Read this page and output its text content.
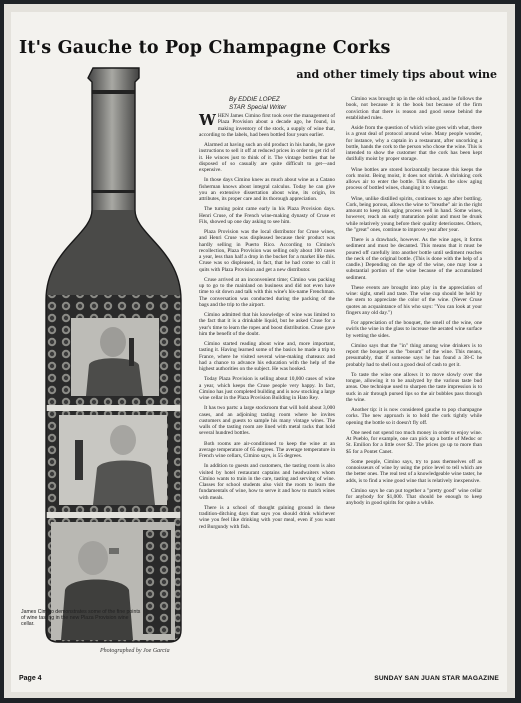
It's Gauche to Pop Champagne Corks
and other timely tips about wine
By EDDIE LOPEZ
STAR Special Writer
James Cimino demonstrates some of the fine points of wine tasting in the new Plaza Provision wine cellar.
Photographed by Joe Garcia

WHEN James Cimino first took over the management of Plaza Provision about a decade ago, he found, in making inventory of the stock, a supply of wine that, according to the labels, had been bottled four years earlier.

Alarmed at having such an old product in his hands, he gave instructions to sell it off at reduced prices in order to get rid of it. He winces just to think of it. The vintage bottles that he disposed of so casually are quite difficult to get—and expensive.

In those days Cimino knew as much about wine as a Catano fisherman knows about integral calculus. Today he can give you an extensive dissertation about wine, its origin, its attributes, its proper care and its thorough appreciation.

The turning point came early in his Plaza Provision days. Henri Cruse, of the French wine-making dynasty of Cruse et Fils, showed up one day asking to see him.

Plaza Provision was the local distributor for Cruse wines, and Henri Cruse was displeased because their product was hardly selling in Puerto Rico. According to Cimino's recollection, Plaza Provision was selling only about 100 cases a year, less than half a drop in the bucket for a market like this. Cruse was so displeased, in fact, that he had come to call it quits with Plaza Provision and get a new distributor.

Cruse arrived at an inconvenient time; Cimino was packing up to go to the mainland on business and did not even have time to sit down and talk with this wine's his-name Frenchman. The conversation was conducted during the packing of the bags and the trip to the airport.

Cimino admitted that his knowledge of wine was limited to the fact that it is a drinkable liquid, but he asked Cruse for a year's time to learn the ropes and boost distribution. Cruse gave him the benefit of the doubt.

Cimino started reading about wine and, more important, tasting it. Having learned some of the basics he made a trip to France, where he visited several wine-making chateaux and had a chance to advance his education with the help of the highest authorities on the subject. He was hooked.

Today Plaza Provision is selling about 10,000 cases of wine a year, which keeps the Cruse people very happy. In fact, Cimino has just completed building and is now stocking a large wine cellar in the Plaza Provision Building in Hato Rey.

It has two parts: a large stockroom that will hold about 3,000 cases, and an adjoining tasting room where he invites customers and guests to sample his many vintage wines. The walls of the tasting room are lined with metal racks that hold several hundred bottles.

Both rooms are air-conditioned to keep the wine at an average temperature of 65 degrees. The average temperature in French wine cellars, Cimino says, is 55 degrees.

In addition to guests and customers, the tasting room is also visited by hotel restaurant captains and headwaiters whom Cimino wants to train in the care, tasting and serving of wine. Classes for school students also visit the room to learn the fundamentals of wine, how to serve it and how to match wines with meals.

There is a school of thought gaining ground in these tradition-ditching days that says you should drink whichever wine you feel like drinking with your meal, even if you want red Burgundy with fish.

Cimino was brought up in the old school, and he follows the book, not because it is the book but because of the firm conviction that there is reason and good sense behind the established rules.

Aside from the question of which wine goes with what, there is a great deal of protocol around wine. Many people wonder, for instance, why a captain in a restaurant, after uncorking a bottle, hands the cork to the person who chose the wine. This is intended to show the customer that the cork has been kept dutifully moist by proper storage.

Wine bottles are stored horizontally because this keeps the cork moist. Being moist, it does not shrink. A shrinking cork allows air to enter the bottle. This disturbs the slow aging process of bottled wines, changing it to vinegar.

Wine, unlike distilled spirits, continues to age after bottling. Cork, being porous, allows the wine to "breathe" air in the right amount to keep this aging process well in hand. Some wines, however, reach an early maturation point and must be drunk while relatively young before their quality deteriorates. Others, the "great" ones, continue to improve year after year.

There is a drawback, however. As the wine ages, it forms sediment and must be decanted. This means that it must be poured off carefully into another bottle until sediment reaches the neck of the original bottle. (This is done with the help of a candle.) Depending on the age of the wine, one may lose a substantial portion of the wine because of the accumulated sediment.

These events are brought into play in the appreciation of wine: sight, smell and taste. The wine cup should be held by the stem to appreciate the color of the wine. (Never Cruse quotes an acquaintance of his who says: "You can look at your fingers any old day.")

For appreciation of the bouquet, the smell of the wine, one swirls the wine in the glass to increase the aerated wine surface by wetting the sides.

Cimino says that the "in" thing among wine drinkers is to report the bouquet as the "bosum" of the wine. This means, presumably, that if someone says he has found a 38-C he probably had to shell out a good deal of cash to get it.

To taste the wine one allows it to move slowly over the tongue, allowing it to be analyzed by the various taste bud areas. One technique used to sharpen the taste impression is to suck in air through pursed lips so the air bubbles pass through the wine.

Another tip: it is now considered gauche to pop champagne corks. The new approach is to hold the cork tightly while opening the bottle so it doesn't fly off.

One need not spend too much money in order to enjoy wine. At Pueblo, for example, one can pick up a bottle of Medoc or St. Emilion for a little over $2. The prices go up to more than $5 for a Pontet Canet.

Some people, Cimino says, try to pass themselves off as connoisseurs of wine by using the price level to tell which are the better ones. The real test of a knowledgeable wine taster, he adds, is to find a wine good wine that is relatively inexpensive.

Cimino says he can put together a "pretty good" wine cellar for anybody for $1,000. That should be enough to keep anybody in good spirits for quite a while.

Page 4	SUNDAY SAN JUAN STAR MAGAZINE
